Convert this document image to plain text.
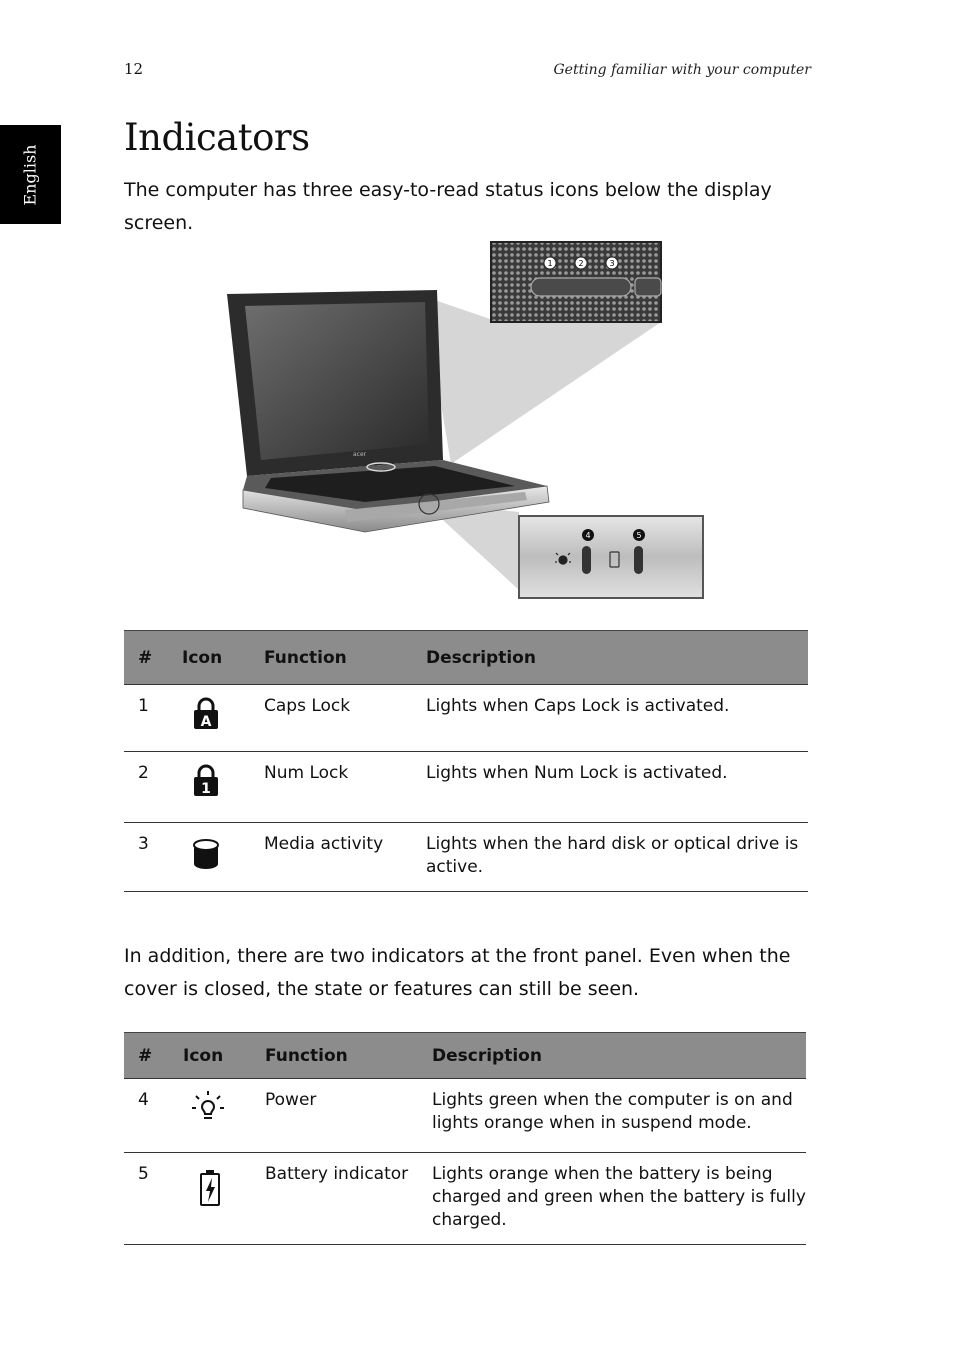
12	Getting familiar with your computer
English
Indicators

The computer has three easy-to-read status icons below the display screen.

acer
1	2	3
4	5
#	Icon	Function	Description
1	A	Caps Lock	Lights when Caps Lock is activated.
2	1	Num Lock	Lights when Num Lock is activated.
3		Media activity	Lights when the hard disk or optical drive is active.

In addition, there are two indicators at the front panel. Even when the cover is closed, the state or features can still be seen.

#	Icon	Function	Description
4		Power	Lights green when the computer is on and lights orange when in suspend mode.
5		Battery indicator	Lights orange when the battery is being charged and green when the battery is fully charged.
